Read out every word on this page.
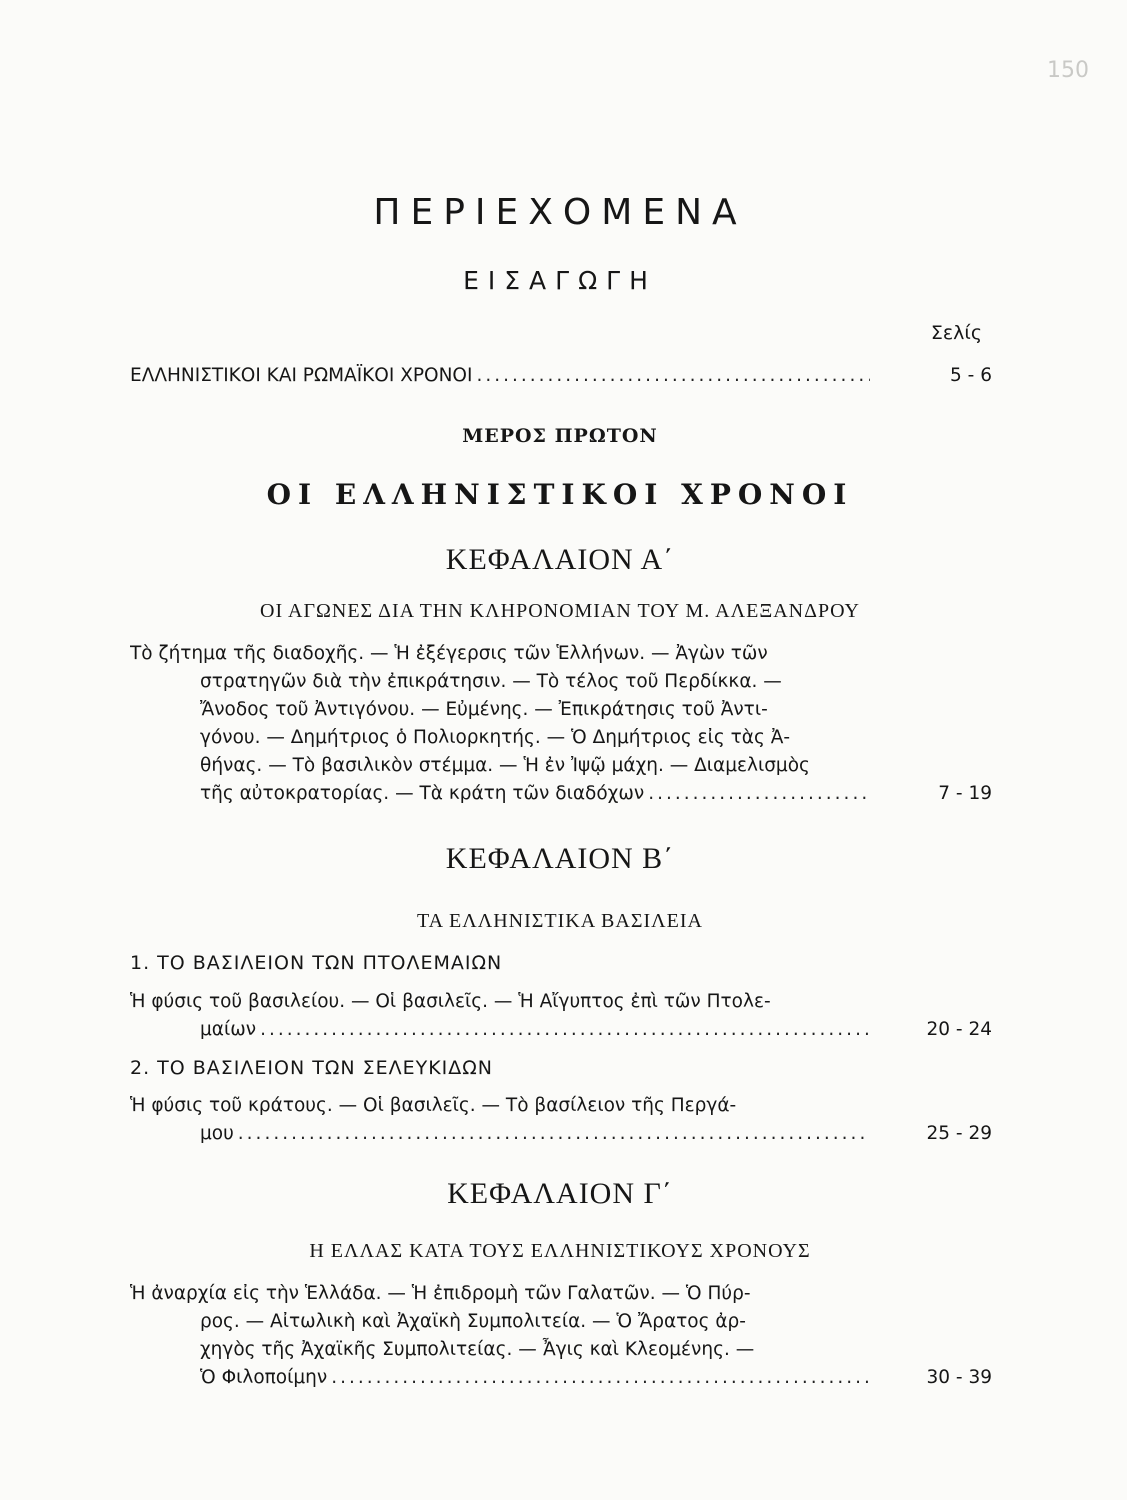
150
ΠΕΡΙΕΧΟΜΕΝΑ
ΕΙΣΑΓΩΓΗ
Σελίς
ΕΛΛΗΝΙΣΤΙΚΟΙ ΚΑΙ ΡΩΜΑΪΚΟΙ ΧΡΟΝΟΙ .....	5 - 6
ΜΕΡΟΣ ΠΡΩΤΟΝ
ΟΙ ΕΛΛΗΝΙΣΤΙΚΟΙ ΧΡΟΝΟΙ
ΚΕΦΑΛΑΙΟΝ Α΄
ΟΙ ΑΓΩΝΕΣ ΔΙΑ ΤΗΝ ΚΛΗΡΟΝΟΜΙΑΝ ΤΟΥ Μ. ΑΛΕΞΑΝΔΡΟΥ
Τὸ ζήτημα τῆς διαδοχῆς. — Ἡ ἐξέγερσις τῶν Ἑλλήνων. — Ἀγὼν τῶν
στρατηγῶν διὰ τὴν ἐπικράτησιν. — Τὸ τέλος τοῦ Περδίκκα. —
Ἄνοδος τοῦ Ἀντιγόνου. — Εὐμένης. — Ἐπικράτησις τοῦ Ἀντι-
γόνου. — Δημήτριος ὁ Πολιορκητής. — Ὁ Δημήτριος εἰς τὰς Ἀ-
θήνας. — Τὸ βασιλικὸν στέμμα. — Ἡ ἐν Ἰψῷ μάχη. — Διαμελισμὸς
τῆς αὐτοκρατορίας. — Τὰ κράτη τῶν διαδόχων .....	7 - 19
ΚΕΦΑΛΑΙΟΝ Β΄
ΤΑ ΕΛΛΗΝΙΣΤΙΚΑ ΒΑΣΙΛΕΙΑ
1. ΤΟ ΒΑΣΙΛΕΙΟΝ ΤΩΝ ΠΤΟΛΕΜΑΙΩΝ
Ἡ φύσις τοῦ βασιλείου. — Οἱ βασιλεῖς. — Ἡ Αἴγυπτος ἐπὶ τῶν Πτολε-
μαίων .....	20 - 24
2. ΤΟ ΒΑΣΙΛΕΙΟΝ ΤΩΝ ΣΕΛΕΥΚΙΔΩΝ
Ἡ φύσις τοῦ κράτους. — Οἱ βασιλεῖς. — Τὸ βασίλειον τῆς Περγά-
μου .....	25 - 29
ΚΕΦΑΛΑΙΟΝ Γ΄
Η ΕΛΛΑΣ ΚΑΤΑ ΤΟΥΣ ΕΛΛΗΝΙΣΤΙΚΟΥΣ ΧΡΟΝΟΥΣ
Ἡ ἀναρχία εἰς τὴν Ἑλλάδα. — Ἡ ἐπιδρομὴ τῶν Γαλατῶν. — Ὁ Πύρ-
ρος. — Αἰτωλικὴ καὶ Ἀχαϊκὴ Συμπολιτεία. — Ὁ Ἄρατος ἀρ-
χηγὸς τῆς Ἀχαϊκῆς Συμπολιτείας. — Ἆγις καὶ Κλεομένης. —
Ὁ Φιλοποίμην .....	30 - 39
